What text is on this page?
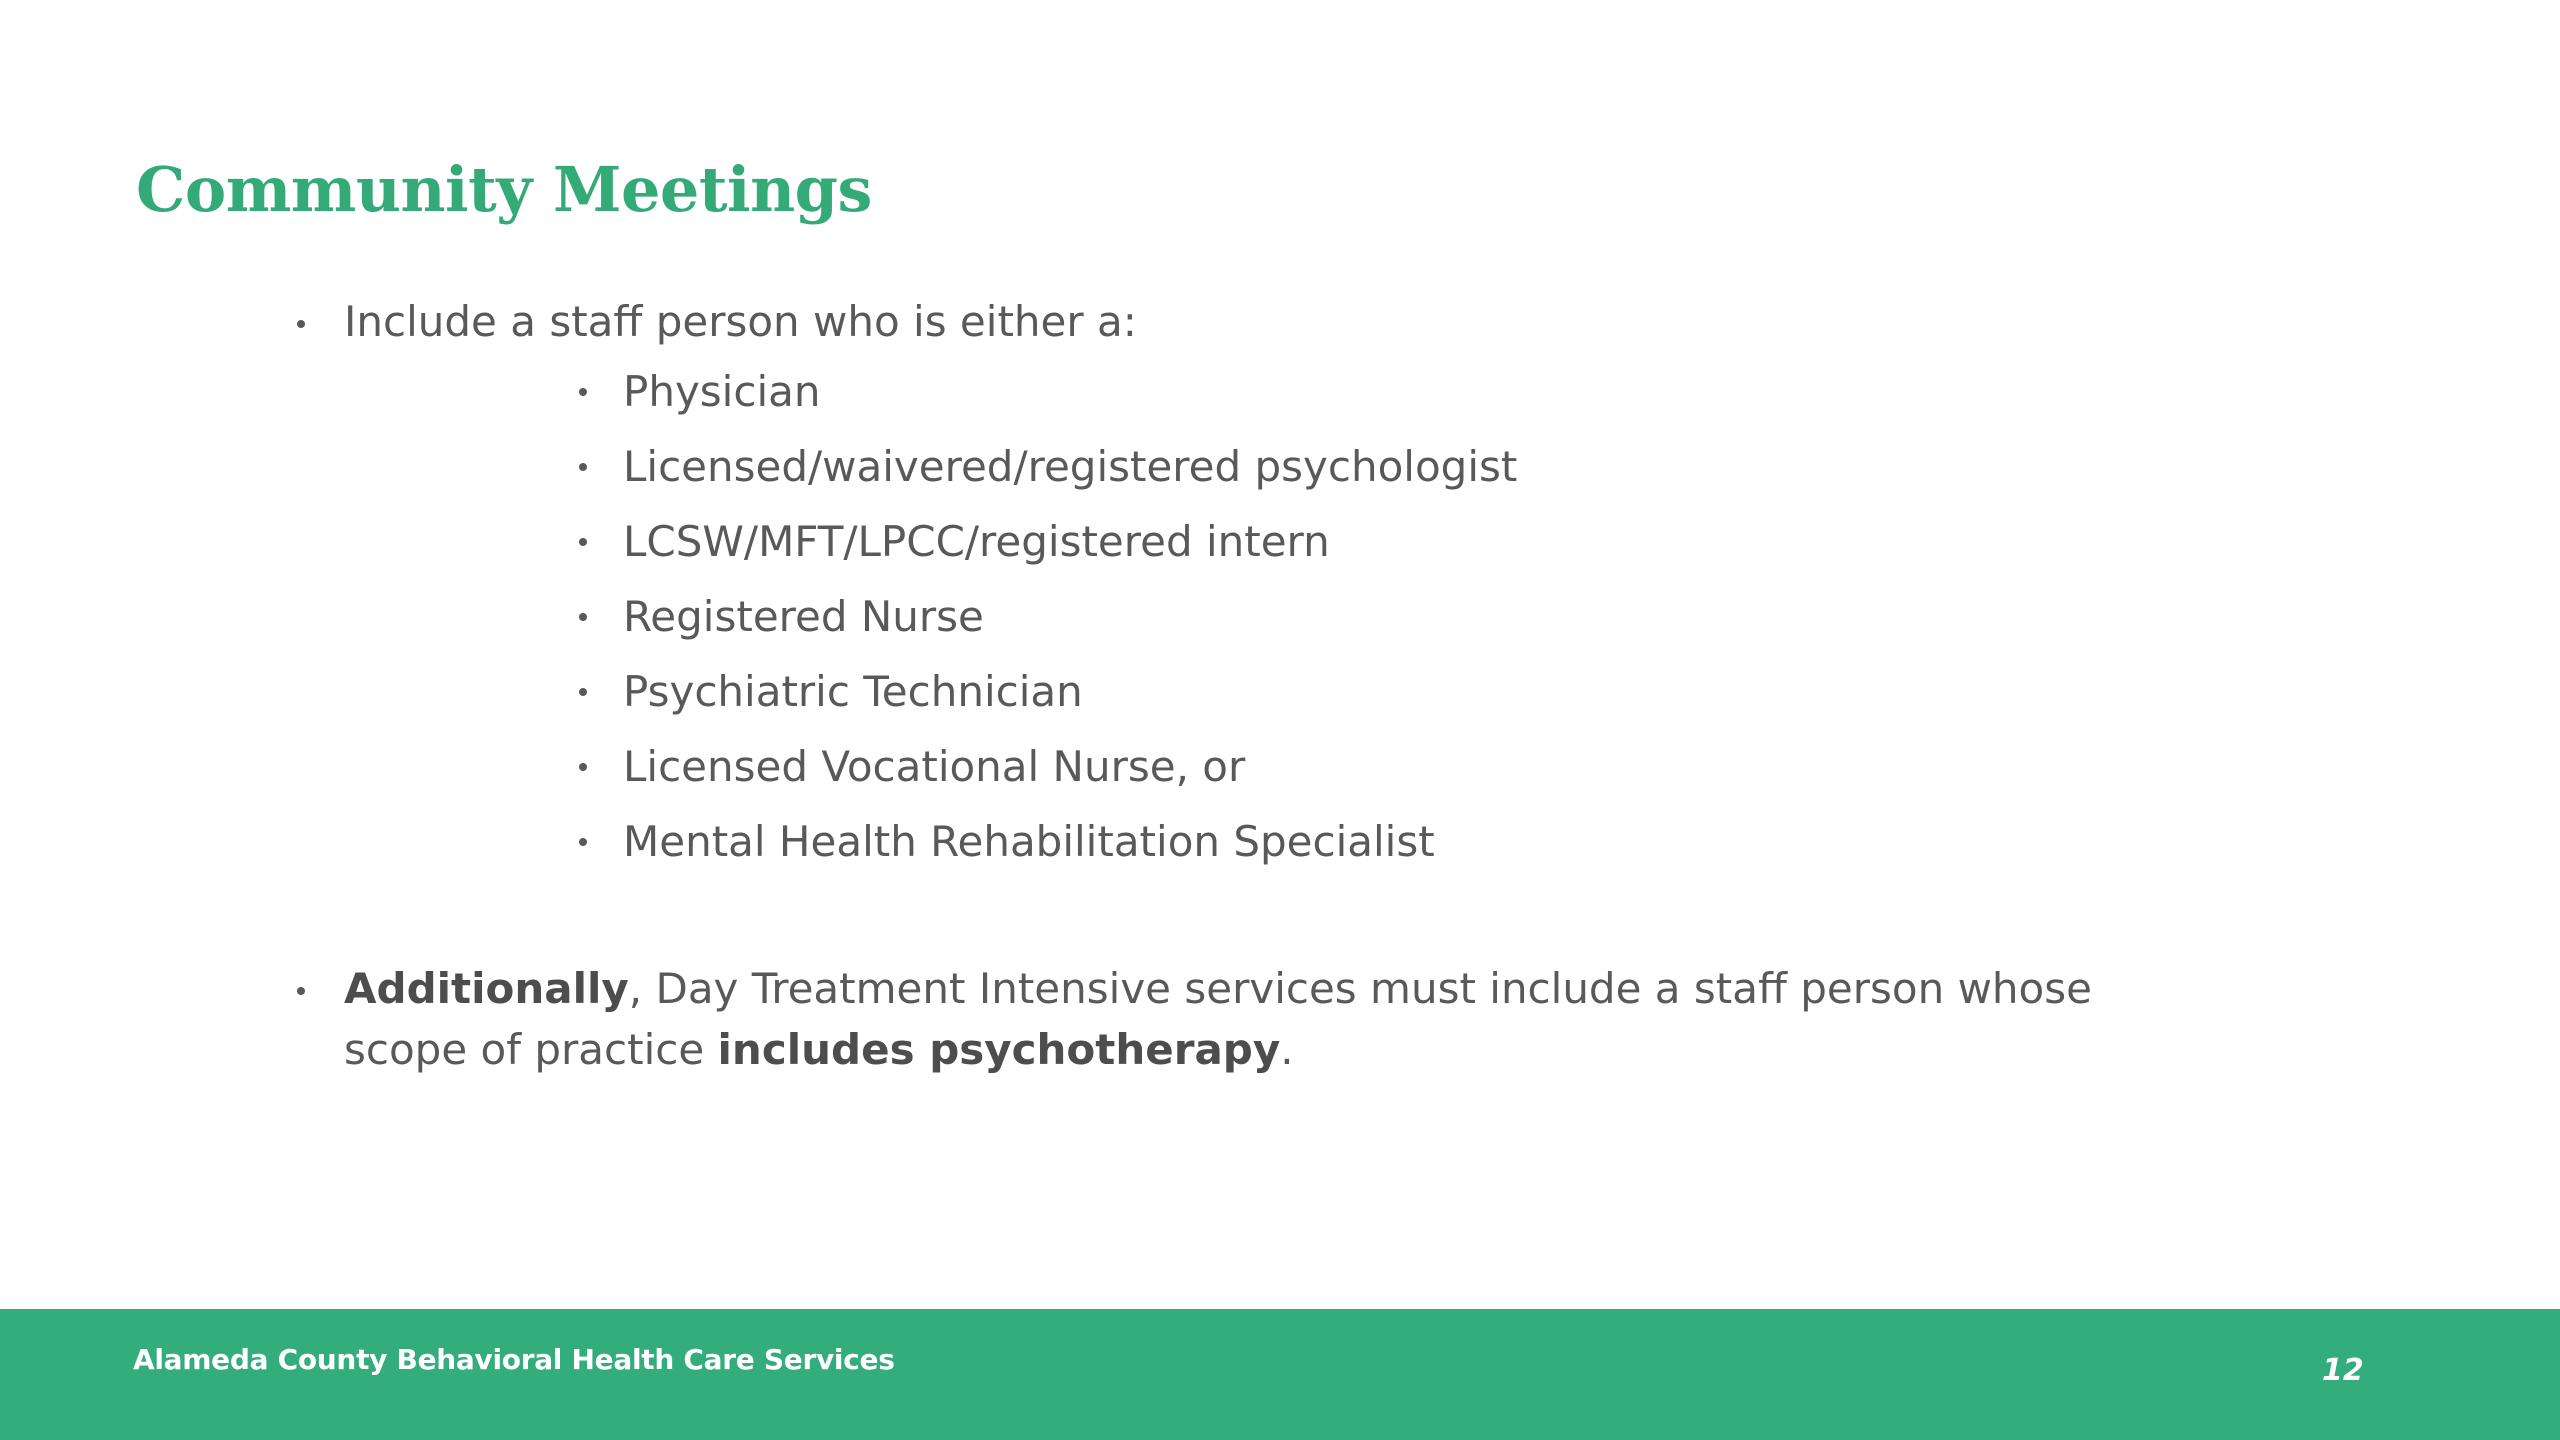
Community Meetings
Include a staff person who is either a:
Physician
Licensed/waivered/registered psychologist
LCSW/MFT/LPCC/registered intern
Registered Nurse
Psychiatric Technician
Licensed Vocational Nurse, or
Mental Health Rehabilitation Specialist
Additionally, Day Treatment Intensive services must include a staff person whose scope of practice includes psychotherapy.
Alameda County Behavioral Health Care Services	12
